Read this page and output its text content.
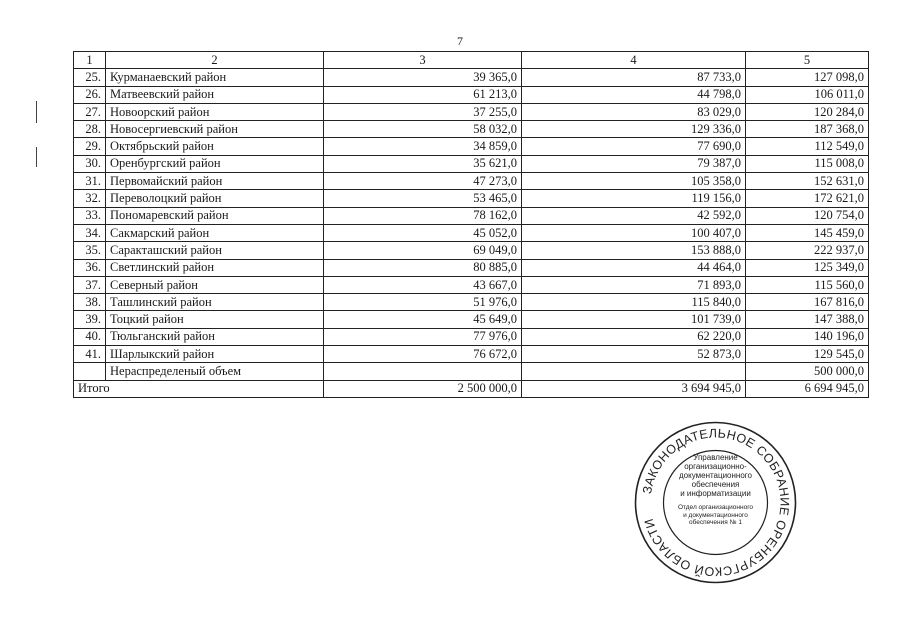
7
1	2	3	4	5
25.	Курманаевский район	39 365,0	87 733,0	127 098,0
26.	Матвеевский район	61 213,0	44 798,0	106 011,0
27.	Новоорский район	37 255,0	83 029,0	120 284,0
28.	Новосергиевский район	58 032,0	129 336,0	187 368,0
29.	Октябрьский район	34 859,0	77 690,0	112 549,0
30.	Оренбургский район	35 621,0	79 387,0	115 008,0
31.	Первомайский район	47 273,0	105 358,0	152 631,0
32.	Переволоцкий район	53 465,0	119 156,0	172 621,0
33.	Пономаревский район	78 162,0	42 592,0	120 754,0
34.	Сакмарский район	45 052,0	100 407,0	145 459,0
35.	Саракташский район	69 049,0	153 888,0	222 937,0
36.	Светлинский район	80 885,0	44 464,0	125 349,0
37.	Северный район	43 667,0	71 893,0	115 560,0
38.	Ташлинский район	51 976,0	115 840,0	167 816,0
39.	Тоцкий район	45 649,0	101 739,0	147 388,0
40.	Тюльганский район	77 976,0	62 220,0	140 196,0
41.	Шарлыкский район	76 672,0	52 873,0	129 545,0
	Нераспределеный объем			500 000,0
Итого		2 500 000,0	3 694 945,0	6 694 945,0
ЗАКОНОДАТЕЛЬНОЕ СОБРАНИЕ ОРЕНБУРГСКОЙ ОБЛАСТИ
Управление
организационно-
документационного
обеспечения
и информатизации
Отдел организационного
и документационного
обеспечения № 1
